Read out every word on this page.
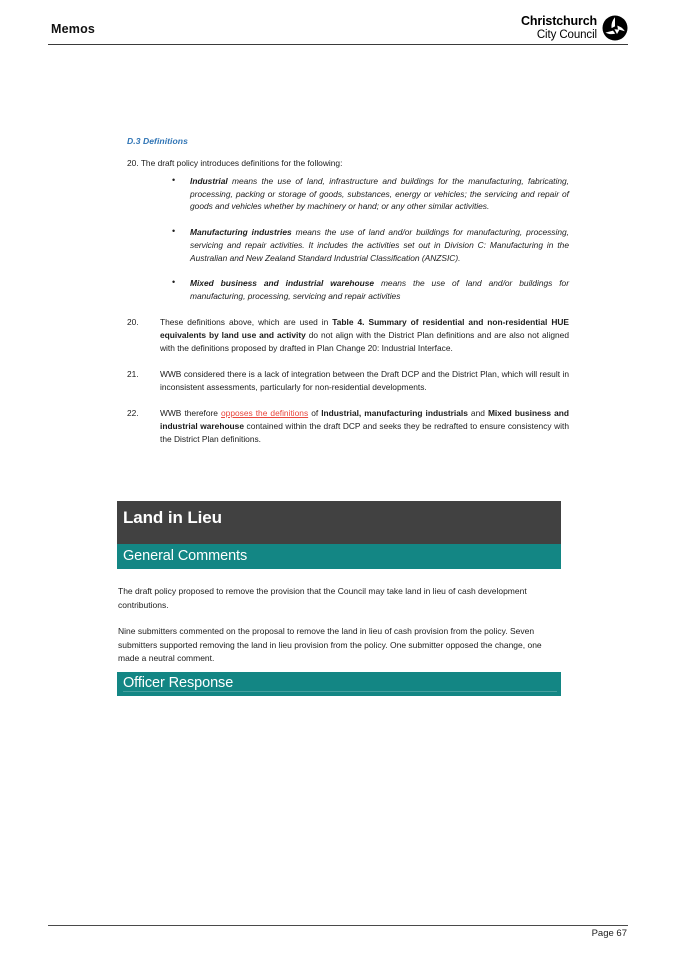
Memos
Christchurch
City Council
D.3 Definitions
20. The draft policy introduces definitions for the following:
• Industrial means the use of land, infrastructure and buildings for the manufacturing, fabricating, processing, packing or storage of goods, substances, energy or vehicles; the servicing and repair of goods and vehicles whether by machinery or hand; or any other similar activities.
• Manufacturing industries means the use of land and/or buildings for manufacturing, processing, servicing and repair activities. It includes the activities set out in Division C: Manufacturing in the Australian and New Zealand Standard Industrial Classification (ANZSIC).
• Mixed business and industrial warehouse means the use of land and/or buildings for manufacturing, processing, servicing and repair activities
20.	These definitions above, which are used in Table 4. Summary of residential and non-residential HUE equivalents by land use and activity do not align with the District Plan definitions and are also not aligned with the definitions proposed by drafted in Plan Change 20: Industrial Interface.
21.	WWB considered there is a lack of integration between the Draft DCP and the District Plan, which will result in inconsistent assessments, particularly for non-residential developments.
22.	WWB therefore opposes the definitions of Industrial, manufacturing industrials and Mixed business and industrial warehouse contained within the draft DCP and seeks they be redrafted to ensure consistency with the District Plan definitions.
Land in Lieu
General Comments

The draft policy proposed to remove the provision that the Council may take land in lieu of cash development contributions.

Nine submitters commented on the proposal to remove the land in lieu of cash provision from the policy. Seven submitters supported removing the land in lieu provision from the policy. One submitter opposed the change, one made a neutral comment.

Officer Response
Page 67
